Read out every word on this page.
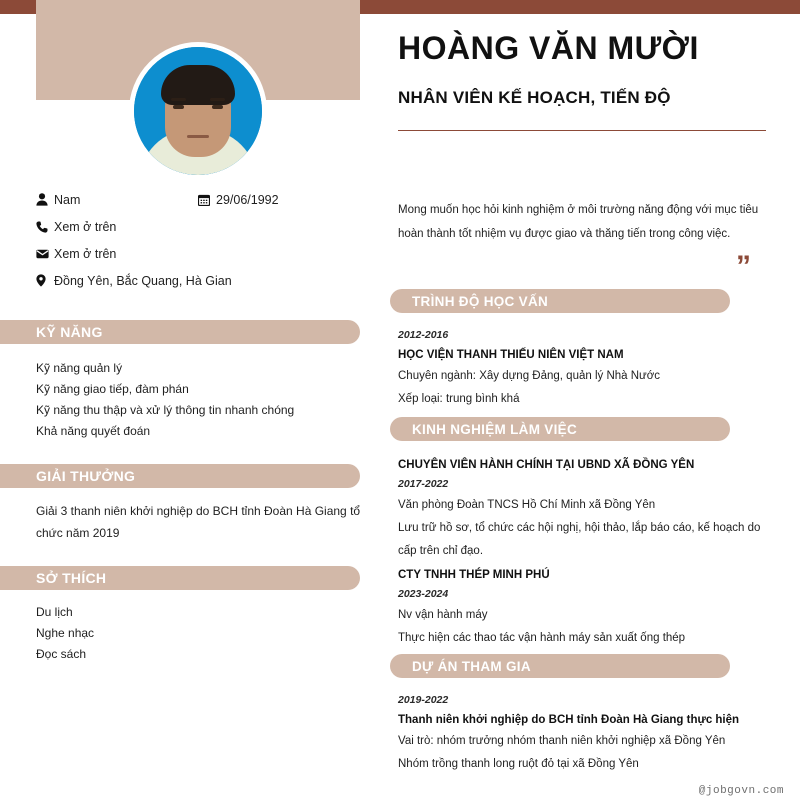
Nam	29/06/1992
Xem ở trên
Xem ở trên
Đồng Yên, Bắc Quang, Hà Gian
KỸ NĂNG
Kỹ năng quản lý
Kỹ năng giao tiếp, đàm phán
Kỹ năng thu thập và xử lý thông tin nhanh chóng
Khả năng quyết đoán
GIẢI THƯỞNG
Giải 3 thanh niên khởi nghiệp do BCH tỉnh Đoàn Hà Giang tổ chức năm 2019
SỞ THÍCH
Du lịch
Nghe nhạc
Đọc sách
HOÀNG VĂN MƯỜI
NHÂN VIÊN KẾ HOẠCH, TIẾN ĐỘ
Mong muốn học hỏi kinh nghiệm ở môi trường năng động với mục tiêu hoàn thành tốt nhiệm vụ được giao và thăng tiến trong công việc.
”
TRÌNH ĐỘ HỌC VẤN
2012-2016
HỌC VIỆN THANH THIẾU NIÊN VIỆT NAM
Chuyên ngành: Xây dựng Đảng, quản lý Nhà Nước
Xếp loại: trung bình khá
KINH NGHIỆM LÀM VIỆC
CHUYÊN VIÊN HÀNH CHÍNH TẠI UBND XÃ ĐỒNG YÊN
2017-2022
Văn phòng Đoàn TNCS Hồ Chí Minh xã Đồng Yên
Lưu trữ hồ sơ, tổ chức các hội nghị, hội thảo, lắp báo cáo, kế hoạch do cấp trên chỉ đạo.
CTY TNHH THÉP MINH PHÚ
2023-2024
Nv vận hành máy
Thực hiện các thao tác vận hành máy sản xuất ống thép
DỰ ÁN THAM GIA
2019-2022
Thanh niên khởi nghiệp do BCH tỉnh Đoàn Hà Giang thực hiện
Vai trò: nhóm trưởng nhóm thanh niên khởi nghiệp xã Đồng Yên
Nhóm trồng thanh long ruột đỏ tại xã Đồng Yên
@jobgovn.com
